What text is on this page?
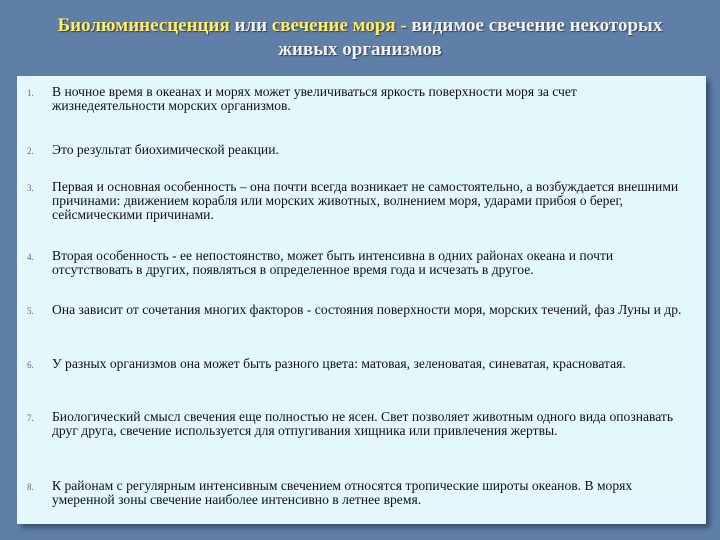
Биолюминесценция или свечение моря - видимое свечение некоторых живых организмов
1. В ночное время в океанах и морях может увеличиваться яркость поверхности моря за счет жизнедеятельности морских организмов.
2. Это результат биохимической реакции.
3. Первая и основная особенность – она почти всегда возникает не самостоятельно, а возбуждается внешними причинами: движением корабля или морских животных, волнением моря, ударами прибоя о берег, сейсмическими причинами.
4. Вторая особенность - ее непостоянство, может быть интенсивна в одних районах океана и почти отсутствовать в других, появляться в определенное время года и исчезать в другое.
5. Она зависит от сочетания многих факторов - состояния поверхности моря, морских течений, фаз Луны и др.
6. У разных организмов она может быть разного цвета: матовая, зеленоватая, синеватая, красноватая.
7. Биологический смысл свечения еще полностью не ясен. Свет позволяет животным одного вида опознавать друг друга, свечение используется для отпугивания хищника или привлечения жертвы.
8. К районам с регулярным интенсивным свечением относятся тропические широты океанов. В морях умеренной зоны свечение наиболее интенсивно в летнее время.
